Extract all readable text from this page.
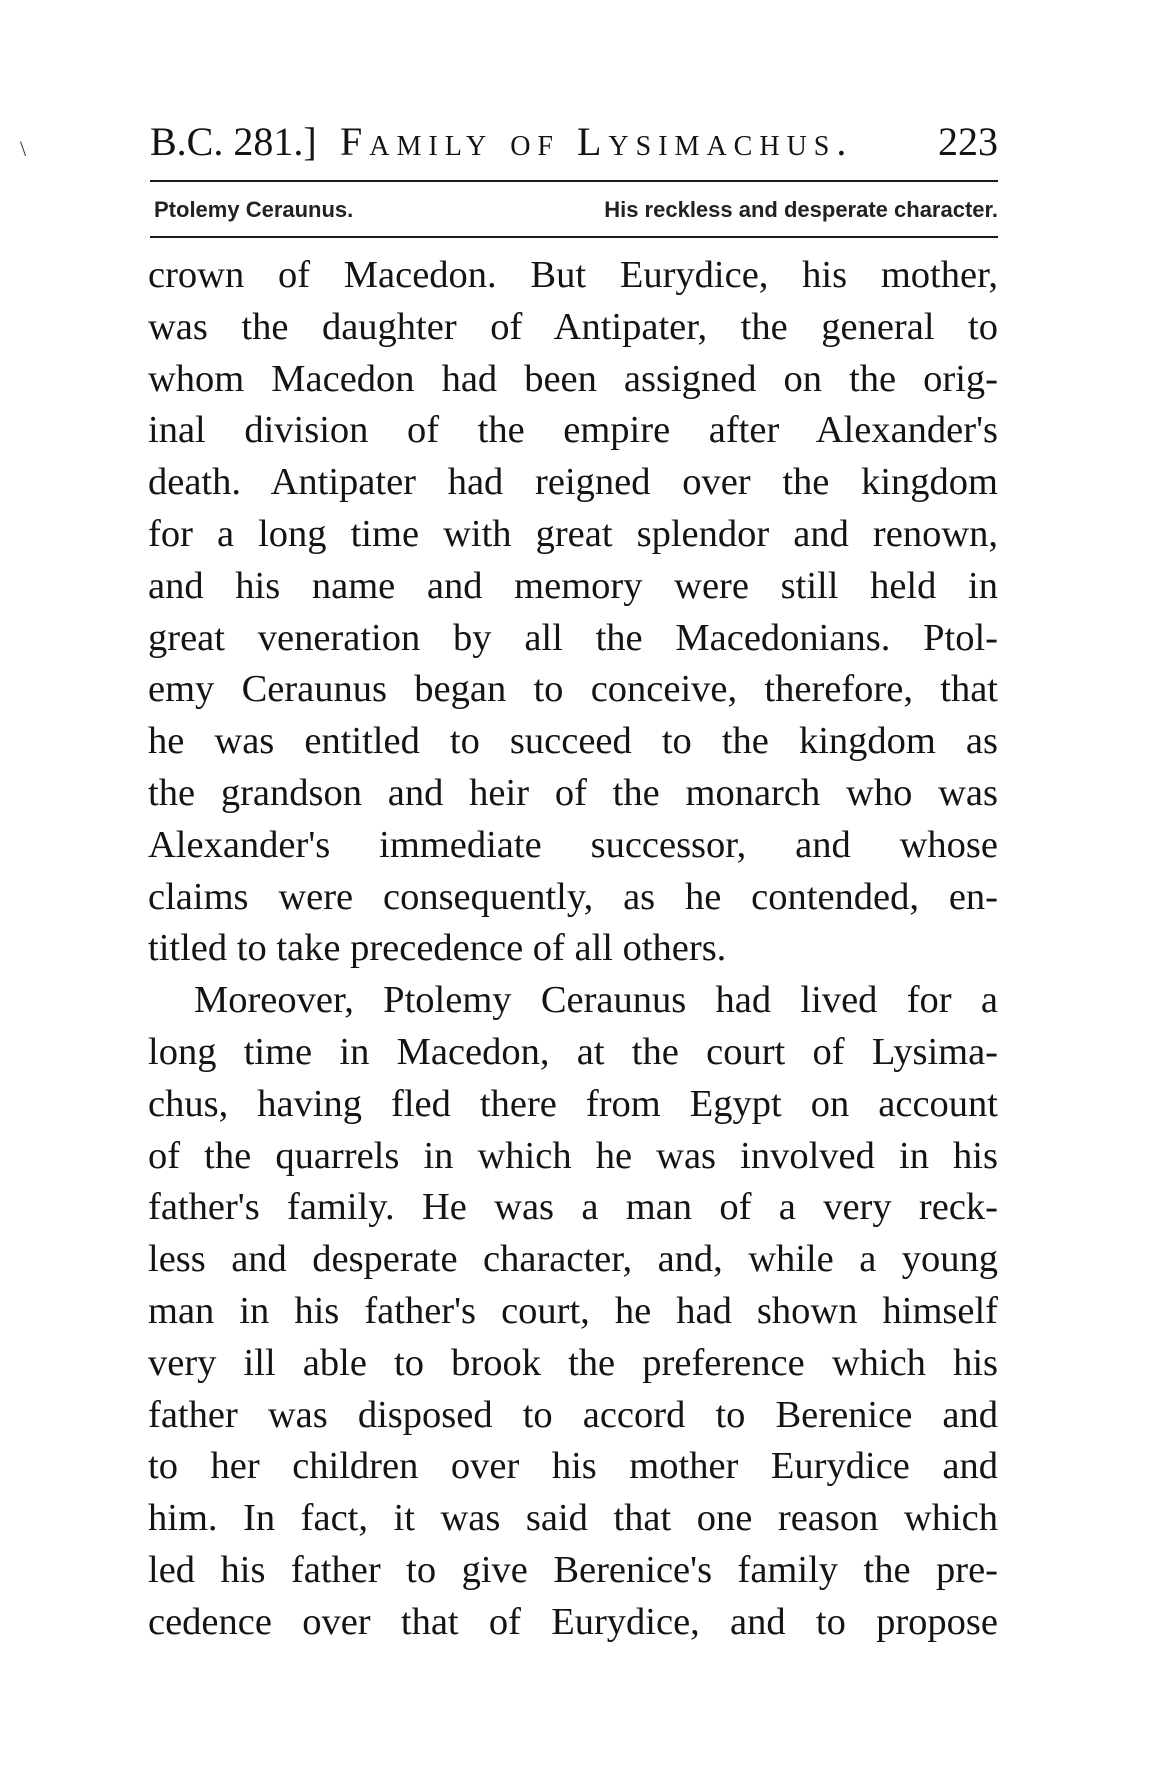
\	B.C. 281.] Family of Lysimachus. 223
Ptolemy Ceraunus.	His reckless and desperate character.
crown of Macedon. But Eurydice, his mother,
was the daughter of Antipater, the general to
whom Macedon had been assigned on the orig-
inal division of the empire after Alexander's
death. Antipater had reigned over the kingdom
for a long time with great splendor and renown,
and his name and memory were still held in
great veneration by all the Macedonians. Ptol-
emy Ceraunus began to conceive, therefore, that
he was entitled to succeed to the kingdom as
the grandson and heir of the monarch who was
Alexander's immediate successor, and whose
claims were consequently, as he contended, en-
titled to take precedence of all others.
Moreover, Ptolemy Ceraunus had lived for a
long time in Macedon, at the court of Lysima-
chus, having fled there from Egypt on account
of the quarrels in which he was involved in his
father's family. He was a man of a very reck-
less and desperate character, and, while a young
man in his father's court, he had shown himself
very ill able to brook the preference which his
father was disposed to accord to Berenice and
to her children over his mother Eurydice and
him. In fact, it was said that one reason which
led his father to give Berenice's family the pre-
cedence over that of Eurydice, and to propose
